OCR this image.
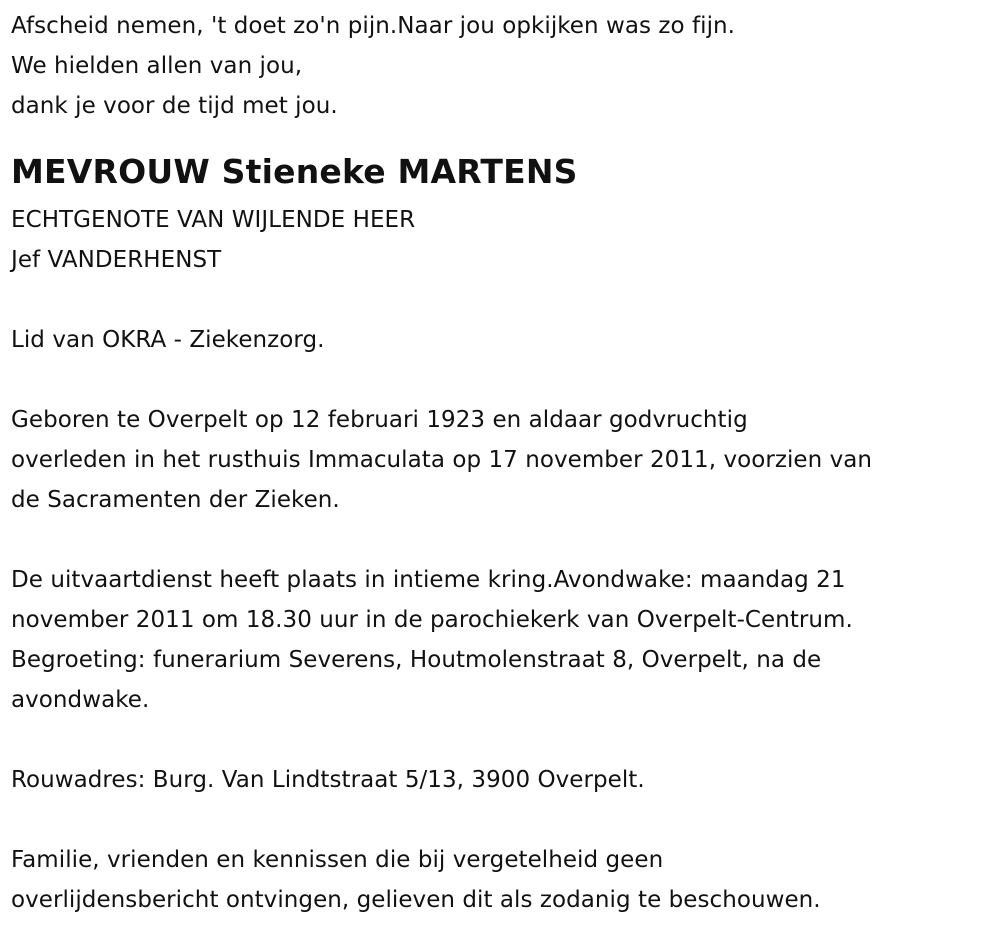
Afscheid nemen, 't doet zo'n pijn.Naar jou opkijken was zo fijn.
We hielden allen van jou,
dank je voor de tijd met jou.
MEVROUW Stieneke MARTENS
ECHTGENOTE VAN WIJLENDE HEER
Jef VANDERHENST
Lid van OKRA - Ziekenzorg.
Geboren te Overpelt op 12 februari 1923 en aldaar godvruchtig
overleden in het rusthuis Immaculata op 17 november 2011, voorzien van
de Sacramenten der Zieken.
De uitvaartdienst heeft plaats in intieme kring.Avondwake: maandag 21
november 2011 om 18.30 uur in de parochiekerk van Overpelt-Centrum.
Begroeting: funerarium Severens, Houtmolenstraat 8, Overpelt, na de
avondwake.
Rouwadres: Burg. Van Lindtstraat 5/13, 3900 Overpelt.
Familie, vrienden en kennissen die bij vergetelheid geen
overlijdensbericht ontvingen, gelieven dit als zodanig te beschouwen.
